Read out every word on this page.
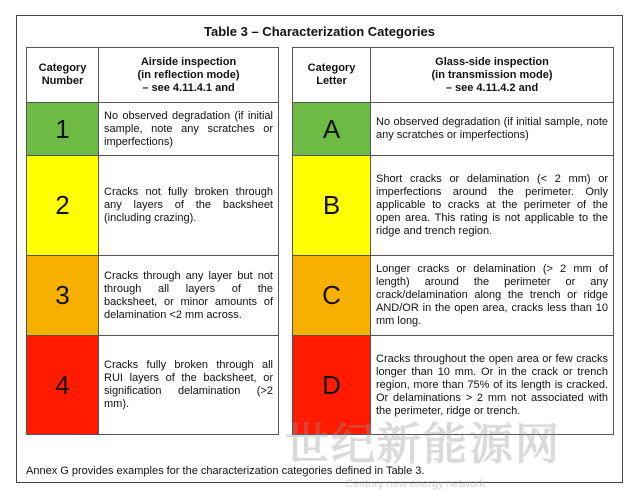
Table 3 – Characterization Categories
Category Number	Airside inspection
(in reflection mode)
– see 4.11.4.1 and

1	No observed degradation (if initial sample, note any scratches or imperfections)
2	Cracks not fully broken through any layers of the backsheet (including crazing).
3	Cracks through any layer but not through all layers of the backsheet, or minor amounts of delamination <2 mm across.
4	Cracks fully broken through all RUI layers of the backsheet, or signification delamination (>2 mm).
Category Letter	Glass-side inspection
(in transmission mode)
– see 4.11.4.2 and

A	No observed degradation (if initial sample, note any scratches or imperfections)
B	Short cracks or delamination (< 2 mm) or imperfections around the perimeter. Only applicable to cracks at the perimeter of the open area. This rating is not applicable to the ridge and trench region.
C	Longer cracks or delamination (> 2 mm of length) around the perimeter or any crack/delamination along the trench or ridge AND/OR in the open area, cracks less than 10 mm long.
D	Cracks throughout the open area or few cracks longer than 10 mm. Or in the crack or trench region, more than 75% of its length is cracked. Or delaminations > 2 mm not associated with the perimeter, ridge or trench.
Annex G provides examples for the characterization categories defined in Table 3.
世纪新能源网
Century new energy network
